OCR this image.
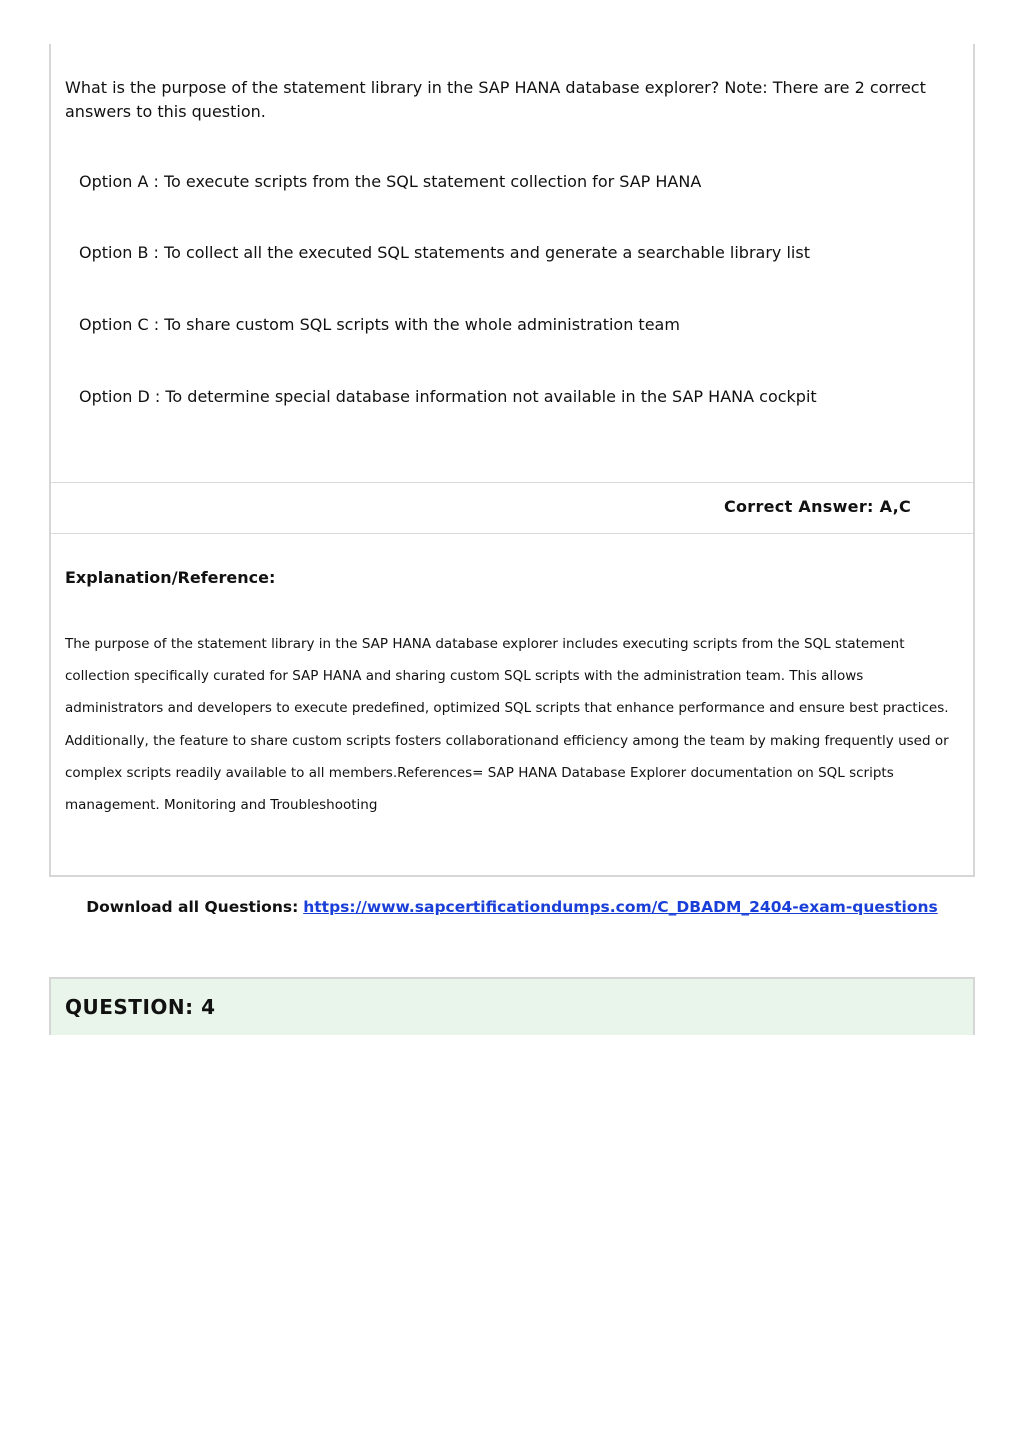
What is the purpose of the statement library in the SAP HANA database explorer? Note: There are 2 correct answers to this question.

Option A : To execute scripts from the SQL statement collection for SAP HANA
Option B : To collect all the executed SQL statements and generate a searchable library list
Option C : To share custom SQL scripts with the whole administration team
Option D : To determine special database information not available in the SAP HANA cockpit
Correct Answer: A,C
Explanation/Reference:

The purpose of the statement library in the SAP HANA database explorer includes executing scripts from the SQL statement collection specifically curated for SAP HANA and sharing custom SQL scripts with the administration team. This allows administrators and developers to execute predefined, optimized SQL scripts that enhance performance and ensure best practices. Additionally, the feature to share custom scripts fosters collaborationand efficiency among the team by making frequently used or complex scripts readily available to all members.References= SAP HANA Database Explorer documentation on SQL scripts management. Monitoring and Troubleshooting

Download all Questions: https://www.sapcertificationdumps.com/C_DBADM_2404-exam-questions
QUESTION: 4
